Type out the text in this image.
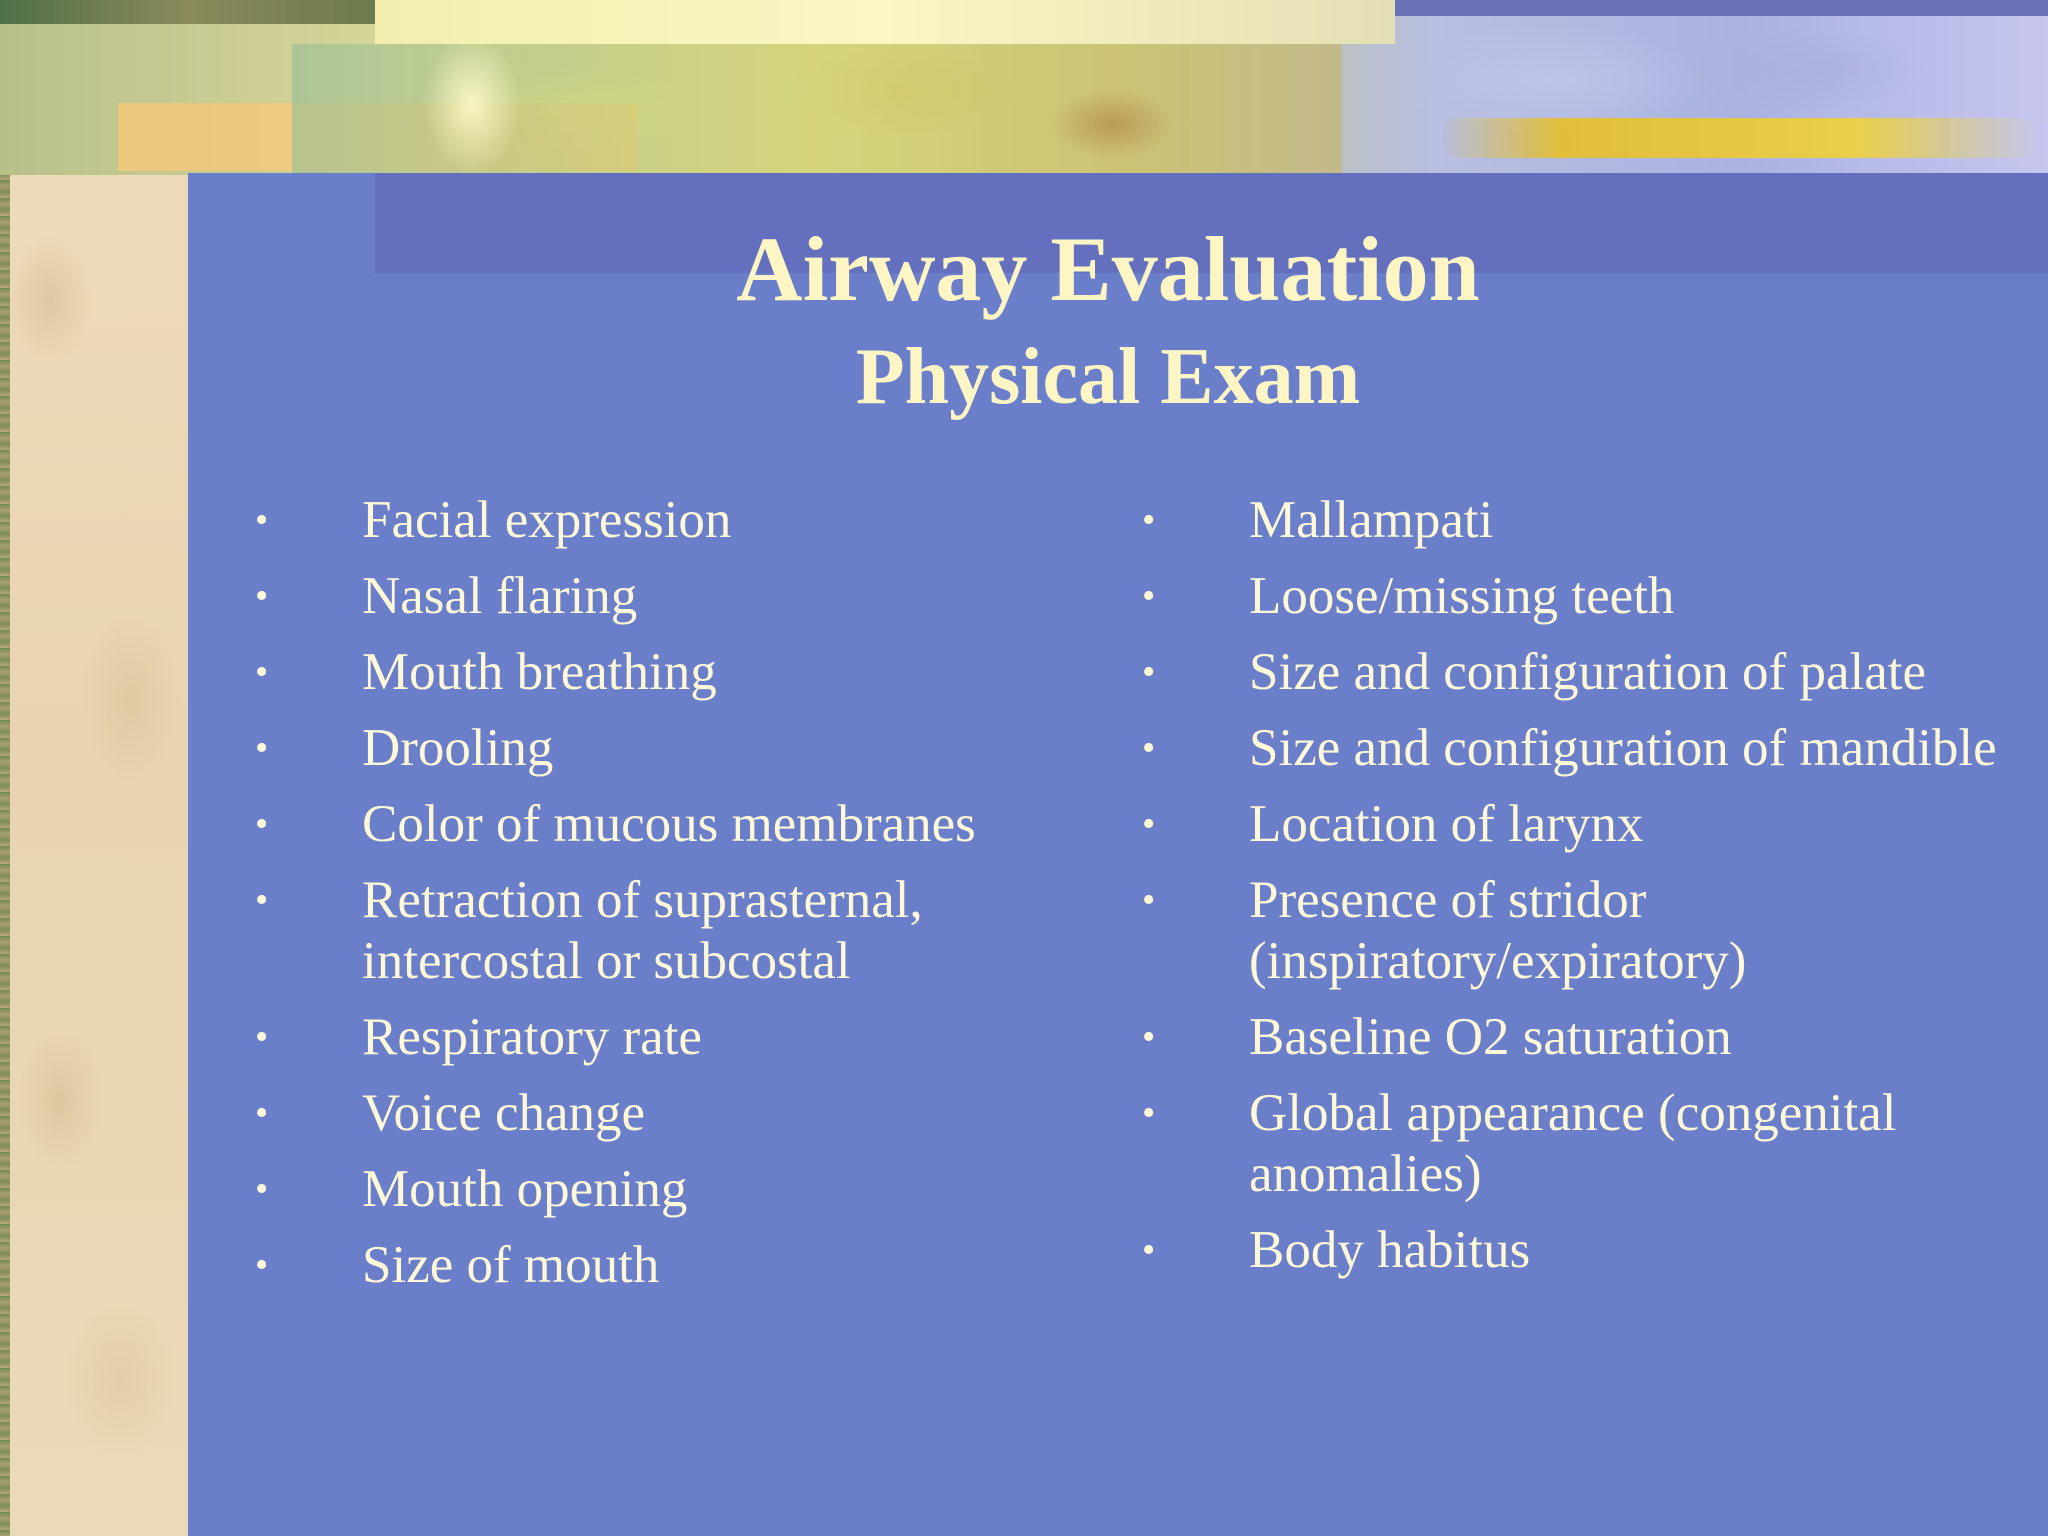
Airway Evaluation
Physical Exam
•	Facial expression
•	Nasal flaring
•	Mouth breathing
•	Drooling
•	Color of mucous membranes
•	Retraction of suprasternal, intercostal or subcostal
•	Respiratory rate
•	Voice change
•	Mouth opening
•	Size of mouth
•	Mallampati
•	Loose/missing teeth
•	Size and configuration of palate
•	Size and configuration of mandible
•	Location of larynx
•	Presence of stridor (inspiratory/expiratory)
•	Baseline O2 saturation
•	Global appearance (congenital anomalies)
•	Body habitus
